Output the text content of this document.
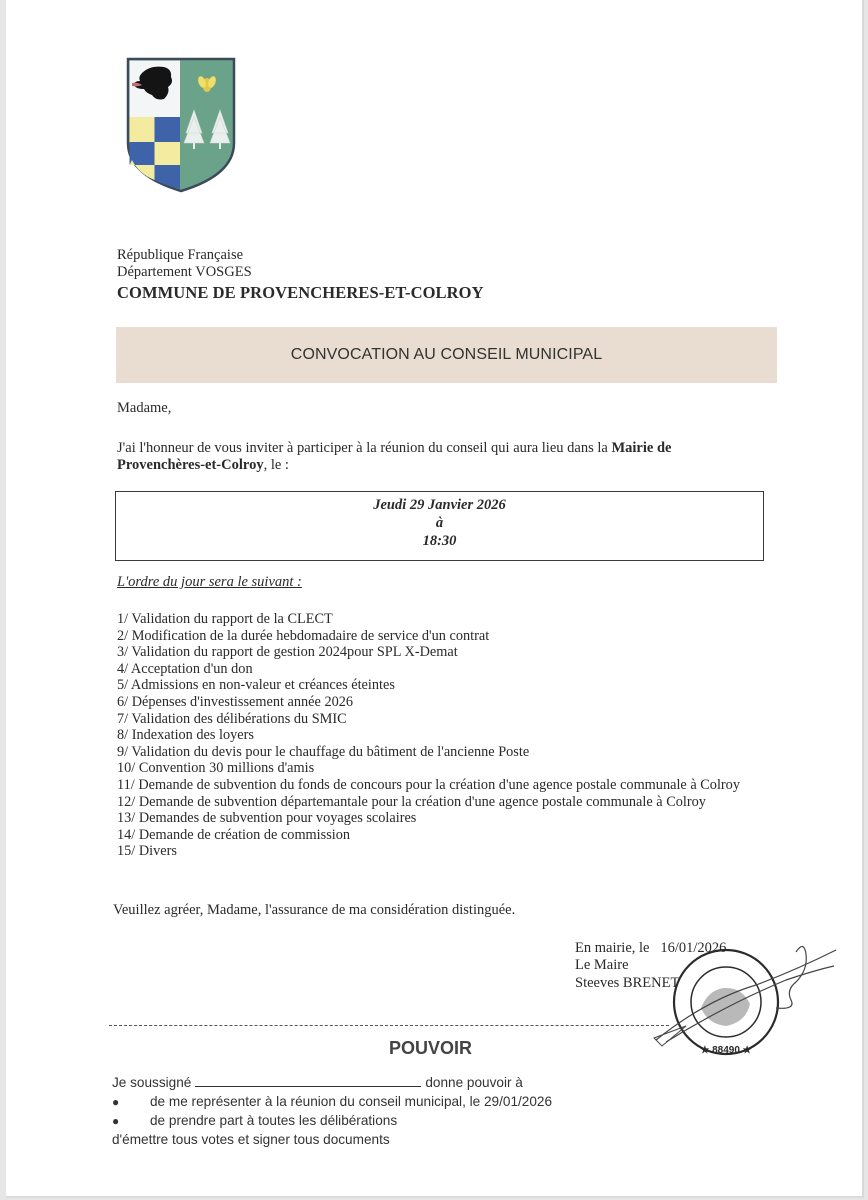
République Française
Département VOSGES
COMMUNE DE PROVENCHERES-ET-COLROY
CONVOCATION AU CONSEIL MUNICIPAL
Madame,
J'ai l'honneur de vous inviter à participer à la réunion du conseil qui aura lieu dans la Mairie de
Provenchères-et-Colroy, le :
Jeudi 29 Janvier 2026
à
18:30
L'ordre du jour sera le suivant :
1/ Validation du rapport de la CLECT
2/ Modification de la durée hebdomadaire de service d'un contrat
3/ Validation du rapport de gestion 2024pour SPL X-Demat
4/ Acceptation d'un don
5/ Admissions en non-valeur et créances éteintes
6/ Dépenses d'investissement année 2026
7/ Validation des délibérations du SMIC
8/ Indexation des loyers
9/ Validation du devis pour le chauffage du bâtiment de l'ancienne Poste
10/ Convention 30 millions d'amis
11/ Demande de subvention du fonds de concours pour la création d'une agence postale communale à Colroy
12/ Demande de subvention départemantale pour la création d'une agence postale communale à Colroy
13/ Demandes de subvention pour voyages scolaires
14/ Demande de création de commission
15/ Divers
Veuillez agréer, Madame, l'assurance de ma considération distinguée.
En mairie, le 16/01/2026
Le Maire
Steeves BRENET
★ 88490 ★
POUVOIR
Je soussigné	donne pouvoir à
● de me représenter à la réunion du conseil municipal, le 29/01/2026
● de prendre part à toutes les délibérations
d'émettre tous votes et signer tous documents
